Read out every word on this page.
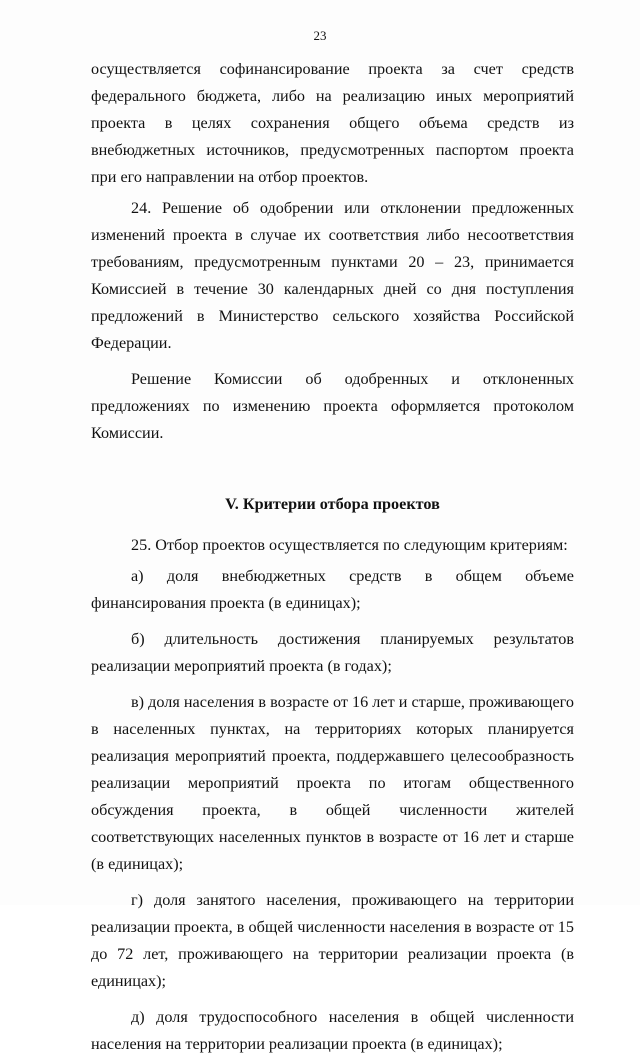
23

осуществляется софинансирование проекта за счет средств федерального бюджета, либо на реализацию иных мероприятий проекта в целях сохранения общего объема средств из внебюджетных источников, предусмотренных паспортом проекта при его направлении на отбор проектов.

24. Решение об одобрении или отклонении предложенных изменений проекта в случае их соответствия либо несоответствия требованиям, предусмотренным пунктами 20 – 23, принимается Комиссией в течение 30 календарных дней со дня поступления предложений в Министерство сельского хозяйства Российской Федерации.

Решение Комиссии об одобренных и отклоненных предложениях по изменению проекта оформляется протоколом Комиссии.

V. Критерии отбора проектов

25. Отбор проектов осуществляется по следующим критериям:

а) доля внебюджетных средств в общем объеме финансирования проекта (в единицах);

б) длительность достижения планируемых результатов реализации мероприятий проекта (в годах);

в) доля населения в возрасте от 16 лет и старше, проживающего в населенных пунктах, на территориях которых планируется реализация мероприятий проекта, поддержавшего целесообразность реализации мероприятий проекта по итогам общественного обсуждения проекта, в общей численности жителей соответствующих населенных пунктов в возрасте от 16 лет и старше (в единицах);

г) доля занятого населения, проживающего на территории реализации проекта, в общей численности населения в возрасте от 15 до 72 лет, проживающего на территории реализации проекта (в единицах);

д) доля трудоспособного населения в общей численности населения на территории реализации проекта (в единицах);
